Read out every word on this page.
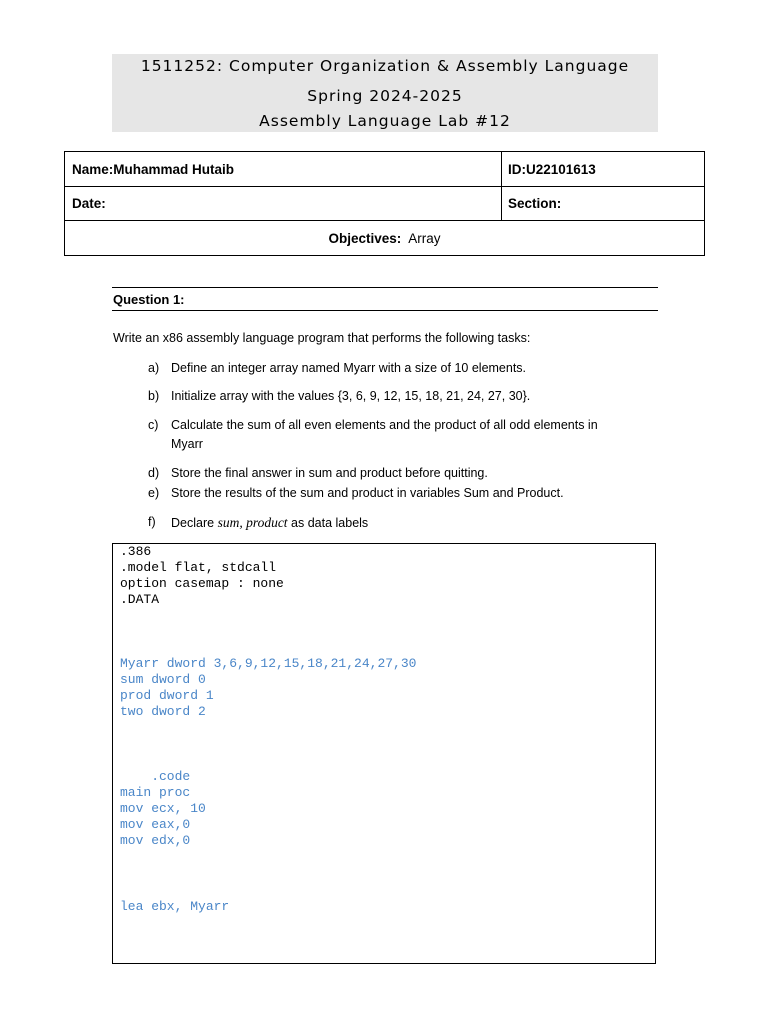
1511252: Computer Organization & Assembly Language
Spring 2024-2025
Assembly Language Lab #12
Name:Muhammad Hutaib	ID:U22101613
Date:	Section:
Objectives: Array
Question 1:
Write an x86 assembly language program that performs the following tasks:
a) Define an integer array named Myarr with a size of 10 elements.
b) Initialize array with the values {3, 6, 9, 12, 15, 18, 21, 24, 27, 30}.
c) Calculate the sum of all even elements and the product of all odd elements in Myarr
d) Store the final answer in sum and product before quitting.
e) Store the results of the sum and product in variables Sum and Product.
f) Declare sum, product as data labels
.386
.model flat, stdcall
option casemap : none
.DATA
Myarr dword 3,6,9,12,15,18,21,24,27,30
sum dword 0
prod dword 1
two dword 2
.code
main proc
mov ecx, 10
mov eax,0
mov edx,0
lea ebx, Myarr
